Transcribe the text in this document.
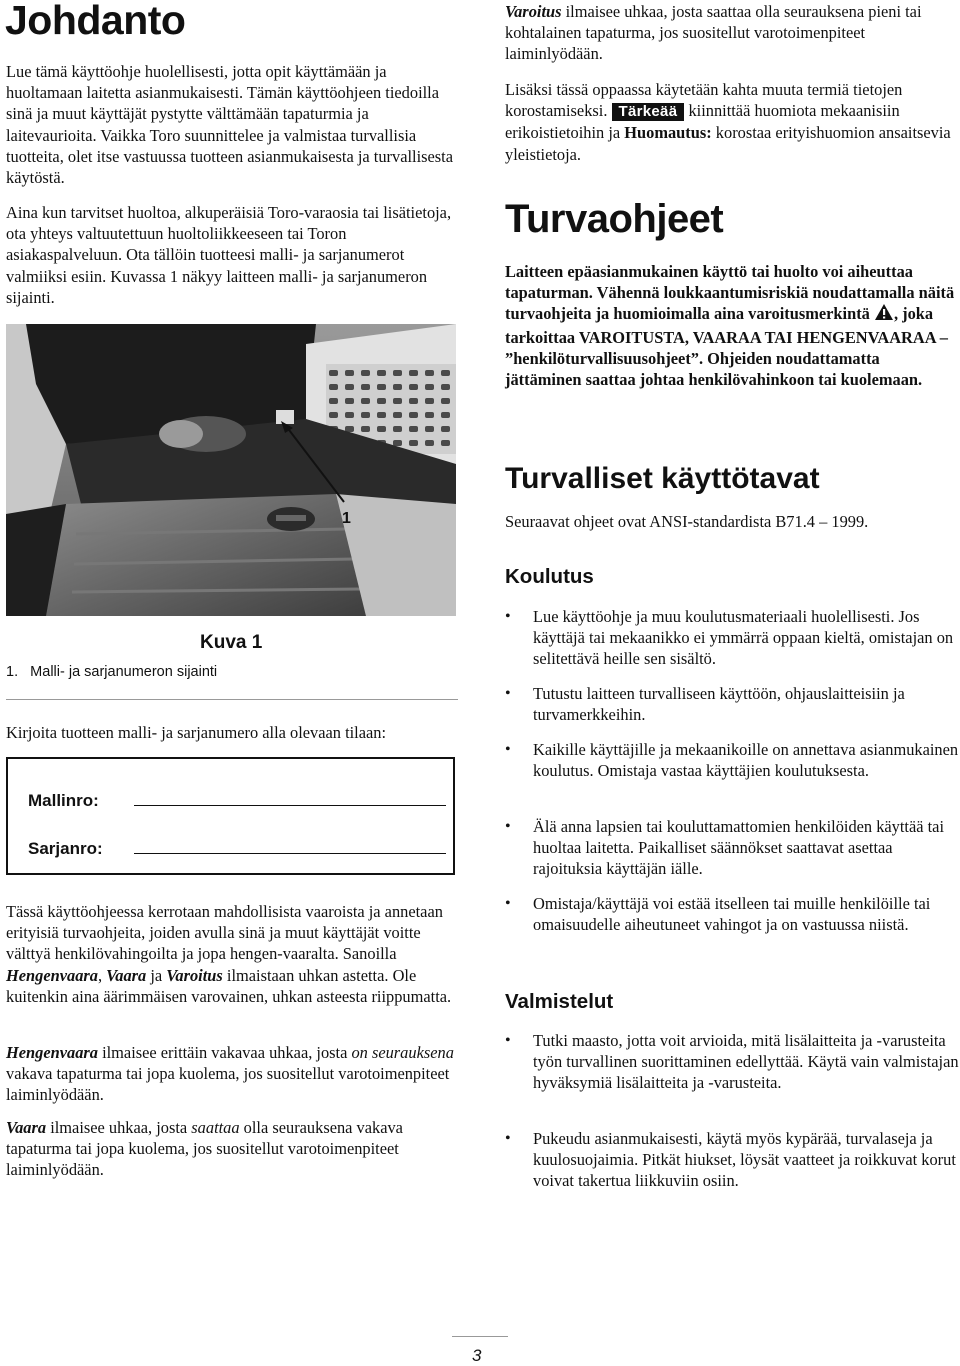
Johdanto

Lue tämä käyttöohje huolellisesti, jotta opit käyttämään ja huoltamaan laitetta asianmukaisesti. Tämän käyttöohjeen tiedoilla sinä ja muut käyttäjät pystytte välttämään tapaturmia ja laitevaurioita. Vaikka Toro suunnittelee ja valmistaa turvallisia tuotteita, olet itse vastuussa tuotteen asianmukaisesta ja turvallisesta käytöstä.

Aina kun tarvitset huoltoa, alkuperäisiä Toro-varaosia tai lisätietoja, ota yhteys valtuutettuun huoltoliikkeeseen tai Toron asiakaspalveluun. Ota tällöin tuotteesi malli- ja sarjanumerot valmiiksi esiin. Kuvassa 1 näkyy laitteen malli- ja sarjanumeron sijainti.

1
Kuva 1
1.   Malli- ja sarjanumeron sijainti

Kirjoita tuotteen malli- ja sarjanumero alla olevaan tilaan:

Mallinro:
Sarjanro:

Tässä käyttöohjeessa kerrotaan mahdollisista vaaroista ja annetaan erityisiä turvaohjeita, joiden avulla sinä ja muut käyttäjät voitte välttyä henkilövahingoilta ja jopa hengen-vaaralta. Sanoilla Hengenvaara, Vaara ja Varoitus ilmaistaan uhkan astetta. Ole kuitenkin aina äärimmäisen varovainen, uhkan asteesta riippumatta.

Hengenvaara ilmaisee erittäin vakavaa uhkaa, josta on seurauksena vakava tapaturma tai jopa kuolema, jos suositellut varotoimenpiteet laiminlyödään.

Vaara ilmaisee uhkaa, josta saattaa olla seurauksena vakava tapaturma tai jopa kuolema, jos suositellut varotoimenpiteet laiminlyödään.

Varoitus ilmaisee uhkaa, josta saattaa olla seurauksena pieni tai kohtalainen tapaturma, jos suositellut varotoimenpiteet laiminlyödään.

Lisäksi tässä oppaassa käytetään kahta muuta termiä tietojen korostamiseksi. Tärkeää kiinnittää huomiota mekaanisiin erikoistietoihin ja Huomautus: korostaa erityishuomion ansaitsevia yleistietoja.

Turvaohjeet

Laitteen epäasianmukainen käyttö tai huolto voi aiheuttaa tapaturman. Vähennä loukkaantumisriskiä noudattamalla näitä turvaohjeita ja huomioimalla aina varoitusmerkintä , joka tarkoittaa VAROITUSTA, VAARAA TAI HENGENVAARAA – ”henkilöturvallisuusohjeet”. Ohjeiden noudattamatta jättäminen saattaa johtaa henkilövahinkoon tai kuolemaan.

Turvalliset käyttötavat

Seuraavat ohjeet ovat ANSI-standardista B71.4 – 1999.

Koulutus
•	Lue käyttöohje ja muu koulutusmateriaali huolellisesti. Jos käyttäjä tai mekaanikko ei ymmärrä oppaan kieltä, omistajan on selitettävä heille sen sisältö.
•	Tutustu laitteen turvalliseen käyttöön, ohjauslaitteisiin ja turvamerkkeihin.
•	Kaikille käyttäjille ja mekaanikoille on annettava asianmukainen koulutus. Omistaja vastaa käyttäjien koulutuksesta.
•	Älä anna lapsien tai kouluttamattomien henkilöiden käyttää tai huoltaa laitetta. Paikalliset säännökset saattavat asettaa rajoituksia käyttäjän iälle.
•	Omistaja/käyttäjä voi estää itselleen tai muille henkilöille tai omaisuudelle aiheutuneet vahingot ja on vastuussa niistä.
Valmistelut
•	Tutki maasto, jotta voit arvioida, mitä lisälaitteita ja -varusteita työn turvallinen suorittaminen edellyttää. Käytä vain valmistajan hyväksymiä lisälaitteita ja -varusteita.
•	Pukeudu asianmukaisesti, käytä myös kypärää, turvalaseja ja kuulosuojaimia. Pitkät hiukset, löysät vaatteet ja roikkuvat korut voivat takertua liikkuviin osiin.
3
